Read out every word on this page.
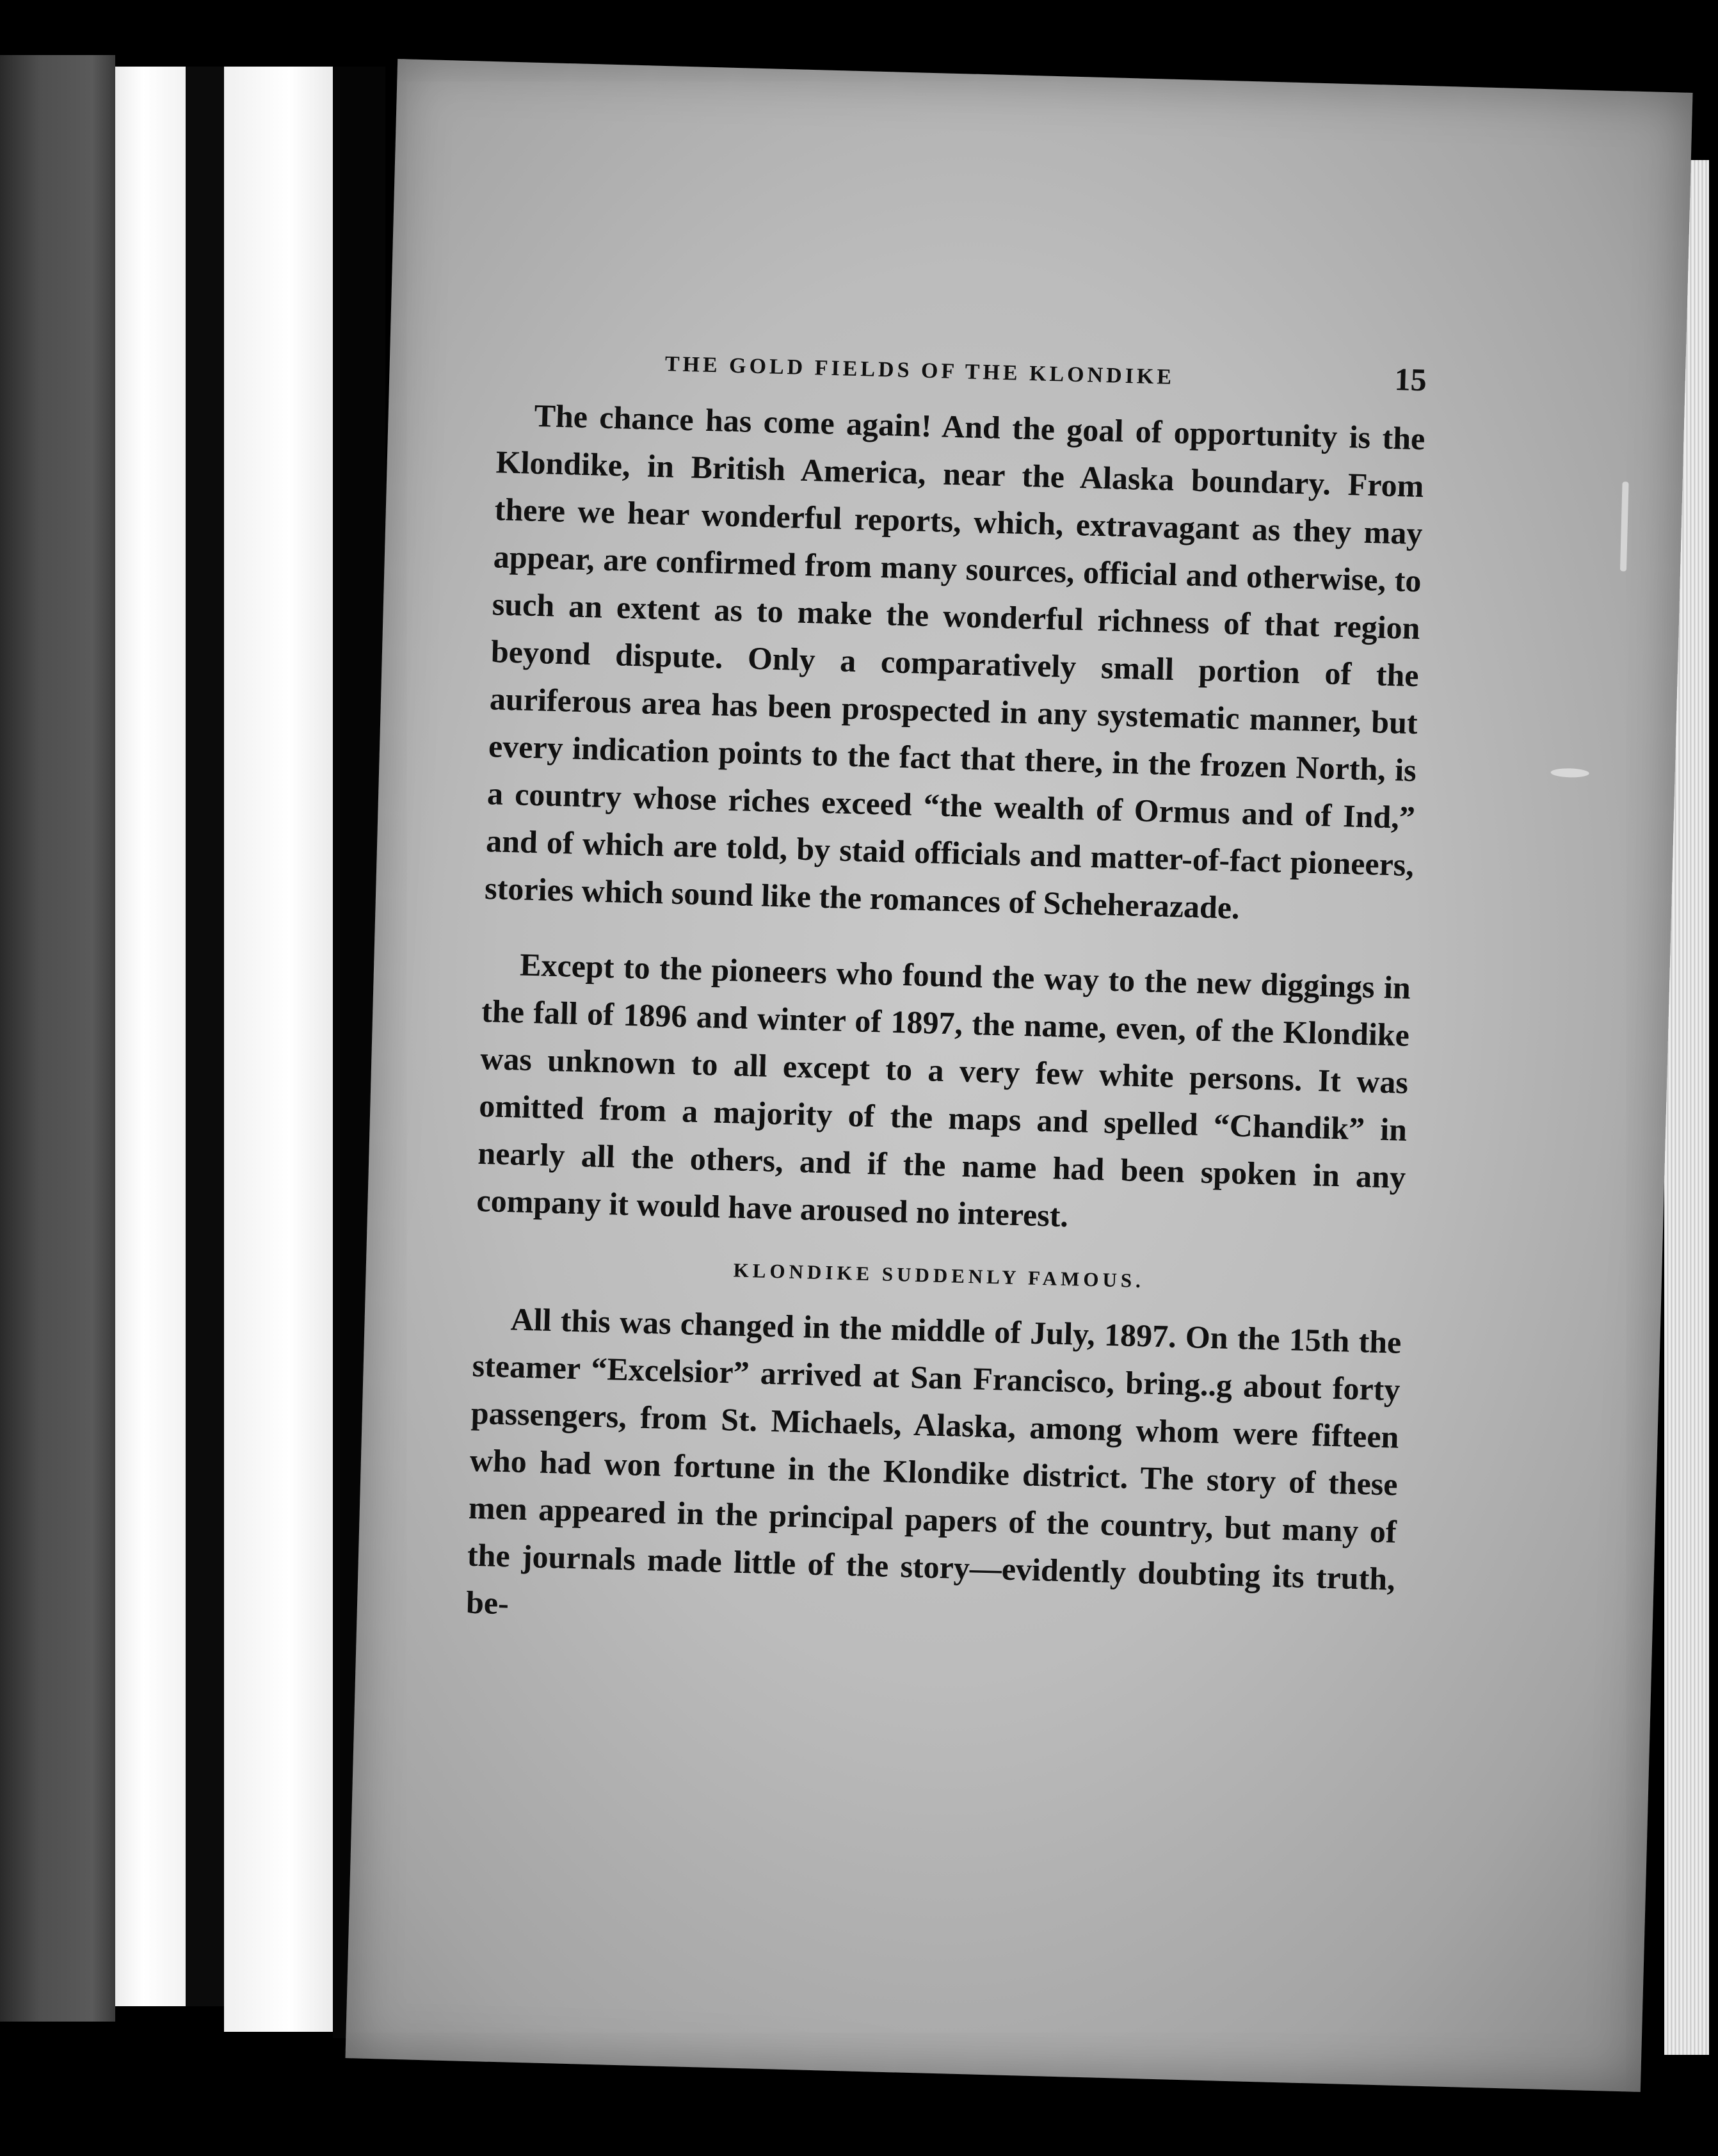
THE GOLD FIELDS OF THE KLONDIKE	15

The chance has come again! And the goal of opportunity is the Klondike, in British America, near the Alaska boundary. From there we hear wonderful reports, which, extravagant as they may appear, are confirmed from many sources, official and otherwise, to such an extent as to make the wonderful richness of that region beyond dispute. Only a comparatively small portion of the auriferous area has been prospected in any systematic manner, but every indication points to the fact that there, in the frozen North, is a country whose riches exceed “the wealth of Ormus and of Ind,” and of which are told, by staid officials and matter-of-fact pioneers, stories which sound like the romances of Scheherazade.

Except to the pioneers who found the way to the new diggings in the fall of 1896 and winter of 1897, the name, even, of the Klondike was unknown to all except to a very few white persons. It was omitted from a majority of the maps and spelled “Chandik” in nearly all the others, and if the name had been spoken in any company it would have aroused no interest.

KLONDIKE SUDDENLY FAMOUS.

All this was changed in the middle of July, 1897. On the 15th the steamer “Excelsior” arrived at San Francisco, bring..g about forty passengers, from St. Michaels, Alaska, among whom were fifteen who had won fortune in the Klondike district. The story of these men appeared in the principal papers of the country, but many of the journals made little of the story—evidently doubting its truth, be-
